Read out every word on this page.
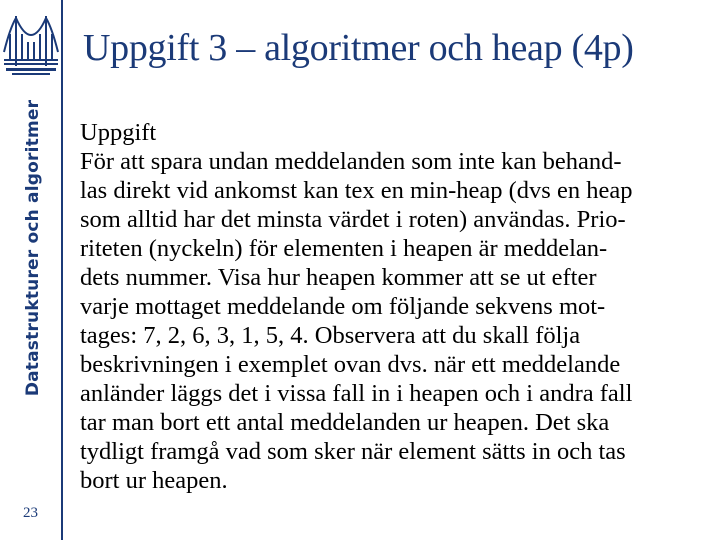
Datastrukturer och algoritmer
23
Uppgift 3 – algoritmer och heap (4p)
Uppgift
För att spara undan meddelanden som inte kan behand-
las direkt vid ankomst kan tex en min-heap (dvs en heap
som alltid har det minsta värdet i roten) användas. Prio-
riteten (nyckeln) för elementen i heapen är meddelan-
dets nummer. Visa hur heapen kommer att se ut efter
varje mottaget meddelande om följande sekvens mot-
tages: 7, 2, 6, 3, 1, 5, 4. Observera att du skall följa
beskrivningen i exemplet ovan dvs. när ett meddelande
anländer läggs det i vissa fall in i heapen och i andra fall
tar man bort ett antal meddelanden ur heapen. Det ska
tydligt framgå vad som sker när element sätts in och tas
bort ur heapen.
